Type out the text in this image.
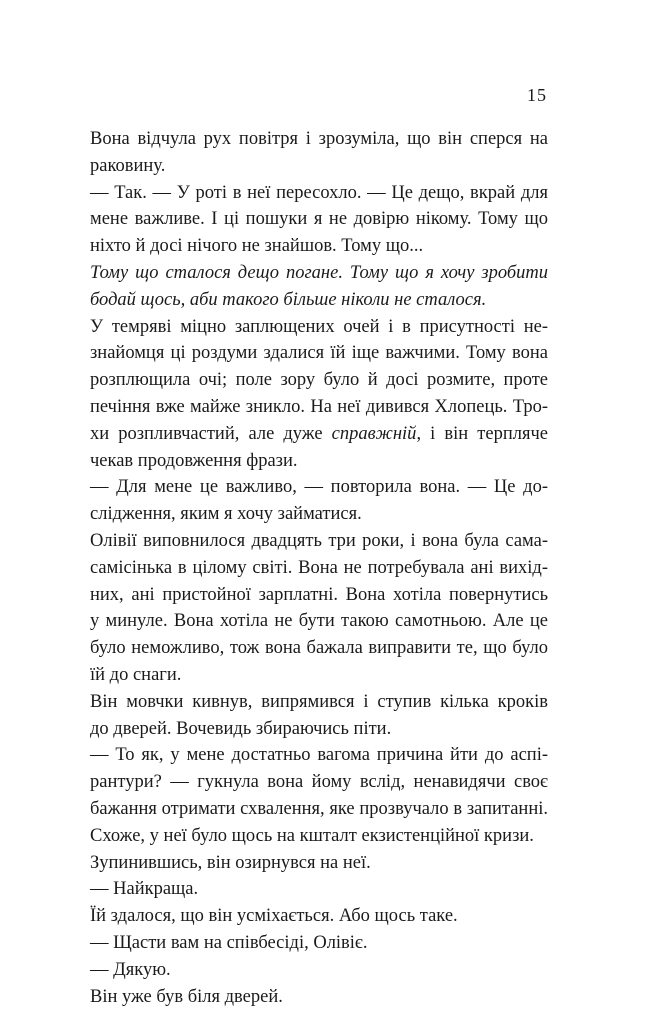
15
Вона відчула рух повітря і зрозуміла, що він сперся на
раковину.
— Так. — У роті в неї пересохло. — Це дещо, вкрай для
мене важливе. І ці пошуки я не довірю нікому. Тому що
ніхто й досі нічого не знайшов. Тому що...
Тому що сталося дещо погане. Тому що я хочу зробити
бодай щось, аби такого більше ніколи не сталося.
У темряві міцно заплющених очей і в присутності не-
знайомця ці роздуми здалися їй іще важчими. Тому вона
розплющила очі; поле зору було й досі розмите, проте
печіння вже майже зникло. На неї дивився Хлопець. Тро-
хи розпливчастий, але дуже справжній, і він терпляче
чекав продовження фрази.
— Для мене це важливо, — повторила вона. — Це до-
слідження, яким я хочу займатися.
Олівії виповнилося двадцять три роки, і вона була сама-
самісінька в цілому світі. Вона не потребувала ані вихід-
них, ані пристойної зарплатні. Вона хотіла повернутись
у минуле. Вона хотіла не бути такою самотньою. Але це
було неможливо, тож вона бажала виправити те, що було
їй до снаги.
Він мовчки кивнув, випрямився і ступив кілька кроків
до дверей. Вочевидь збираючись піти.
— То як, у мене достатньо вагома причина йти до аспі-
рантури? — гукнула вона йому вслід, ненавидячи своє
бажання отримати схвалення, яке прозвучало в запитанні.
Схоже, у неї було щось на кшталт екзистенційної кризи.
Зупинившись, він озирнувся на неї.
— Найкраща.
Їй здалося, що він усміхається. Або щось таке.
— Щасти вам на співбесіді, Олівіє.
— Дякую.
Він уже був біля дверей.
